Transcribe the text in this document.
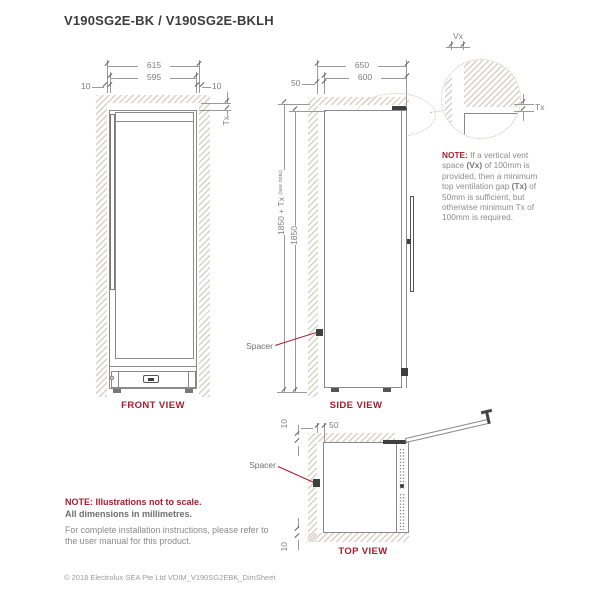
V190SG2E-BK / V190SG2E-BKLH
615
595
10	10
Tx
FRONT VIEW
650
600
50
1850 + Tx (see note)
1850
Spacer
SIDE VIEW
Vx
Tx
NOTE: If a vertical vent space (Vx) of 100mm is provided, then a minimum top ventilation gap (Tx) of 50mm is sufficient, but otherwise minimum Tx of 100mm is required.
50
10
10
Spacer
TOP VIEW
NOTE: Illustrations not to scale.
All dimensions in millimetres.
For complete installation instructions, please refer to the user manual for this product.
© 2018 Electrolux SEA Pte Ltd VDIM_V190SG2EBK_DimSheet
